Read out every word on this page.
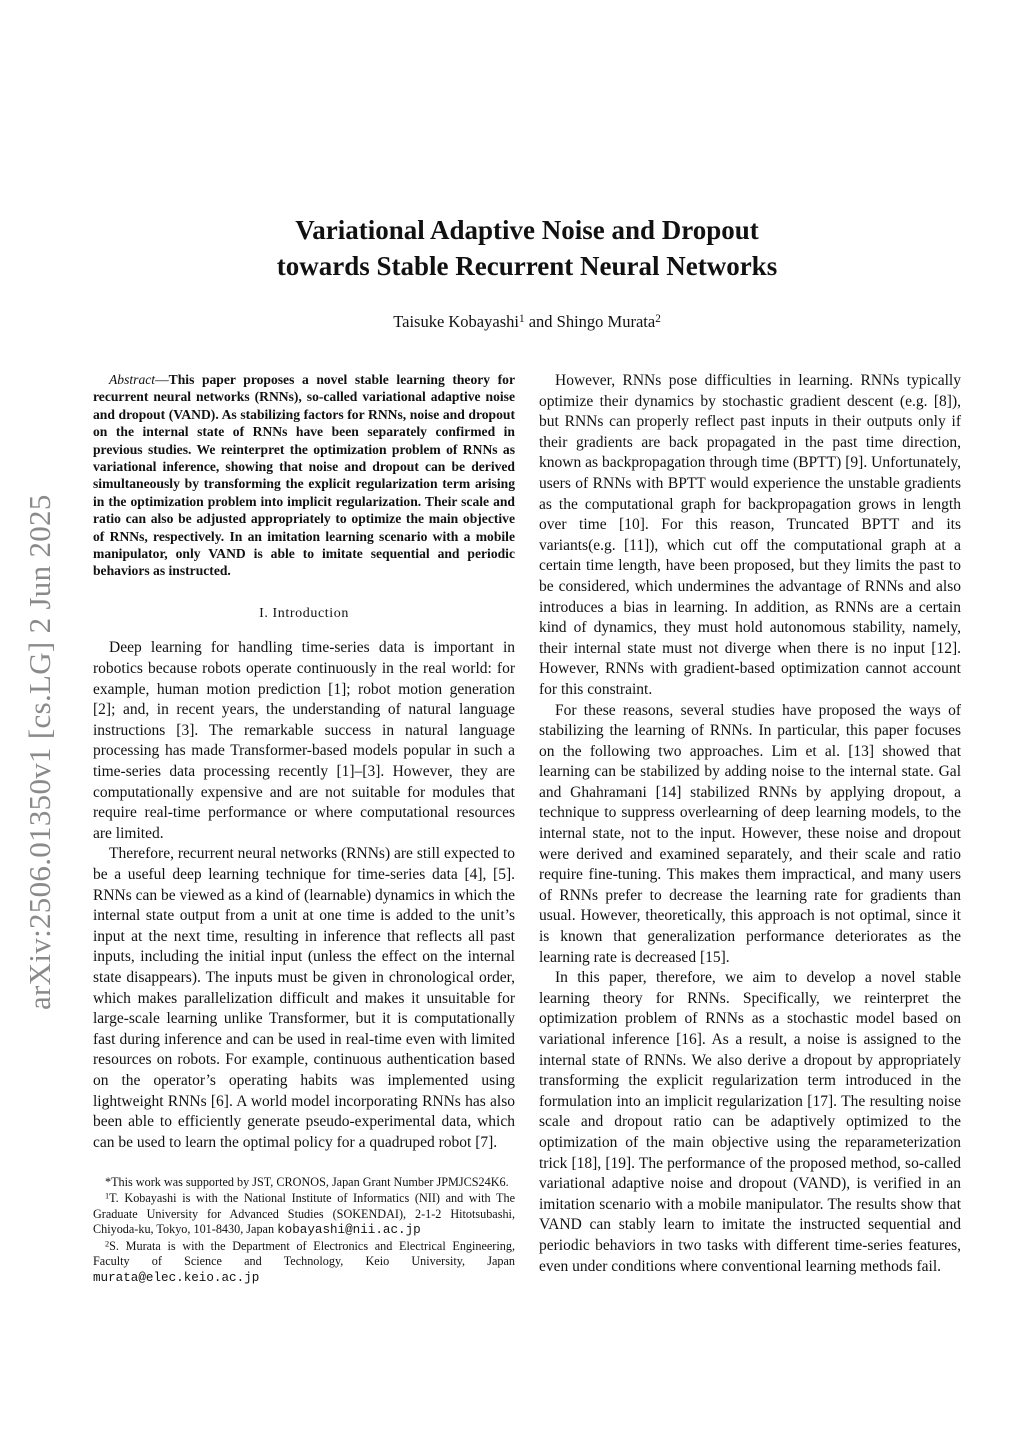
arXiv:2506.01350v1 [cs.LG] 2 Jun 2025
Variational Adaptive Noise and Dropout
towards Stable Recurrent Neural Networks
Taisuke Kobayashi$^1$ and Shingo Murata$^2$

Abstract—This paper proposes a novel stable learning theory for recurrent neural networks (RNNs), so-called variational adaptive noise and dropout (VAND). As stabilizing factors for RNNs, noise and dropout on the internal state of RNNs have been separately confirmed in previous studies. We reinterpret the optimization problem of RNNs as variational inference, showing that noise and dropout can be derived simultaneously by transforming the explicit regularization term arising in the optimization problem into implicit regularization. Their scale and ratio can also be adjusted appropriately to optimize the main objective of RNNs, respectively. In an imitation learning scenario with a mobile manipulator, only VAND is able to imitate sequential and periodic behaviors as instructed.

I. Introduction

Deep learning for handling time-series data is important in robotics because robots operate continuously in the real world: for example, human motion prediction [1]; robot motion generation [2]; and, in recent years, the understanding of natural language instructions [3]. The remarkable success in natural language processing has made Transformer-based models popular in such a time-series data processing recently [1]–[3]. However, they are computationally expensive and are not suitable for modules that require real-time performance or where computational resources are limited.

Therefore, recurrent neural networks (RNNs) are still expected to be a useful deep learning technique for time-series data [4], [5]. RNNs can be viewed as a kind of (learnable) dynamics in which the internal state output from a unit at one time is added to the unit’s input at the next time, resulting in inference that reflects all past inputs, including the initial input (unless the effect on the internal state disappears). The inputs must be given in chronological order, which makes parallelization difficult and makes it unsuitable for large-scale learning unlike Transformer, but it is computationally fast during inference and can be used in real-time even with limited resources on robots. For example, continuous authentication based on the operator’s operating habits was implemented using lightweight RNNs [6]. A world model incorporating RNNs has also been able to efficiently generate pseudo-experimental data, which can be used to learn the optimal policy for a quadruped robot [7].

*This work was supported by JST, CRONOS, Japan Grant Number JPMJCS24K6.

$^1$T. Kobayashi is with the National Institute of Informatics (NII) and with The Graduate University for Advanced Studies (SOKENDAI), 2-1-2 Hitotsubashi, Chiyoda-ku, Tokyo, 101-8430, Japan kobayashi@nii.ac.jp

$^2$S. Murata is with the Department of Electronics and Electrical Engineering, Faculty of Science and Technology, Keio University, Japan murata@elec.keio.ac.jp

However, RNNs pose difficulties in learning. RNNs typically optimize their dynamics by stochastic gradient descent (e.g. [8]), but RNNs can properly reflect past inputs in their outputs only if their gradients are back propagated in the past time direction, known as backpropagation through time (BPTT) [9]. Unfortunately, users of RNNs with BPTT would experience the unstable gradients as the computational graph for backpropagation grows in length over time [10]. For this reason, Truncated BPTT and its variants(e.g. [11]), which cut off the computational graph at a certain time length, have been proposed, but they limits the past to be considered, which undermines the advantage of RNNs and also introduces a bias in learning. In addition, as RNNs are a certain kind of dynamics, they must hold autonomous stability, namely, their internal state must not diverge when there is no input [12]. However, RNNs with gradient-based optimization cannot account for this constraint.

For these reasons, several studies have proposed the ways of stabilizing the learning of RNNs. In particular, this paper focuses on the following two approaches. Lim et al. [13] showed that learning can be stabilized by adding noise to the internal state. Gal and Ghahramani [14] stabilized RNNs by applying dropout, a technique to suppress overlearning of deep learning models, to the internal state, not to the input. However, these noise and dropout were derived and examined separately, and their scale and ratio require fine-tuning. This makes them impractical, and many users of RNNs prefer to decrease the learning rate for gradients than usual. However, theoretically, this approach is not optimal, since it is known that generalization performance deteriorates as the learning rate is decreased [15].

In this paper, therefore, we aim to develop a novel stable learning theory for RNNs. Specifically, we reinterpret the optimization problem of RNNs as a stochastic model based on variational inference [16]. As a result, a noise is assigned to the internal state of RNNs. We also derive a dropout by appropriately transforming the explicit regularization term introduced in the formulation into an implicit regularization [17]. The resulting noise scale and dropout ratio can be adaptively optimized to the optimization of the main objective using the reparameterization trick [18], [19]. The performance of the proposed method, so-called variational adaptive noise and dropout (VAND), is verified in an imitation scenario with a mobile manipulator. The results show that VAND can stably learn to imitate the instructed sequential and periodic behaviors in two tasks with different time-series features, even under conditions where conventional learning methods fail.
